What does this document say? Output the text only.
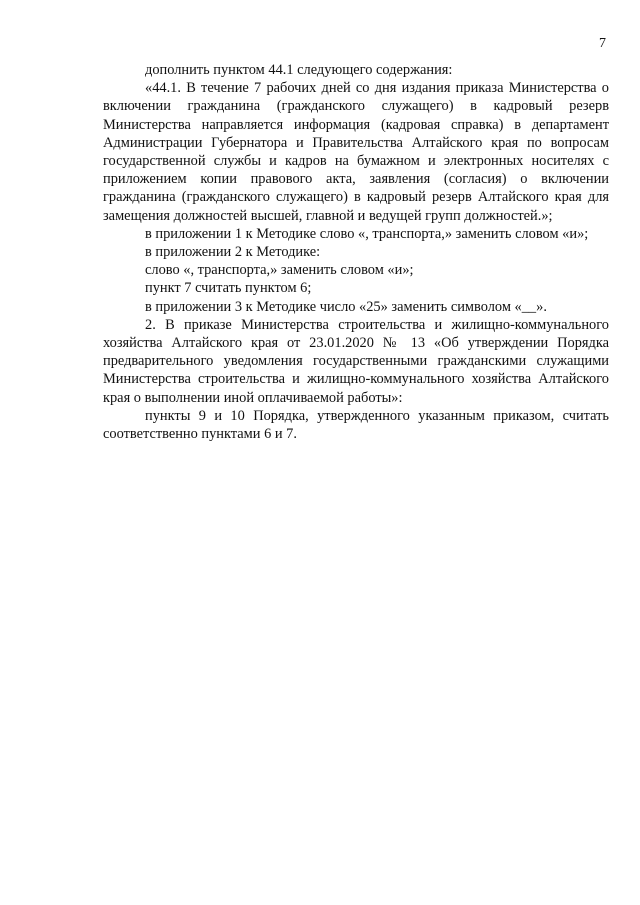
7

дополнить пунктом 44.1 следующего содержания:

«44.1. В течение 7 рабочих дней со дня издания приказа Министерства о включении гражданина (гражданского служащего) в кадровый резерв Министерства направляется информация (кадровая справка) в департамент Администрации Губернатора и Правительства Алтайского края по вопросам государственной службы и кадров на бумажном и электронных носителях с приложением копии правового акта, заявления (согласия) о включении гражданина (гражданского служащего) в кадровый резерв Алтайского края для замещения должностей высшей, главной и ведущей групп должностей.»;

в приложении 1 к Методике слово «, транспорта,» заменить словом «и»;

в приложении 2 к Методике:

слово «, транспорта,» заменить словом «и»;

пункт 7 считать пунктом 6;

в приложении 3 к Методике число «25» заменить символом «__».

2. В приказе Министерства строительства и жилищно-коммунального хозяйства Алтайского края от 23.01.2020 № 13 «Об утверждении Порядка предварительного уведомления государственными гражданскими служащими Министерства строительства и жилищно-коммунального хозяйства Алтайского края о выполнении иной оплачиваемой работы»:

пункты 9 и 10 Порядка, утвержденного указанным приказом, считать соответственно пунктами 6 и 7.
